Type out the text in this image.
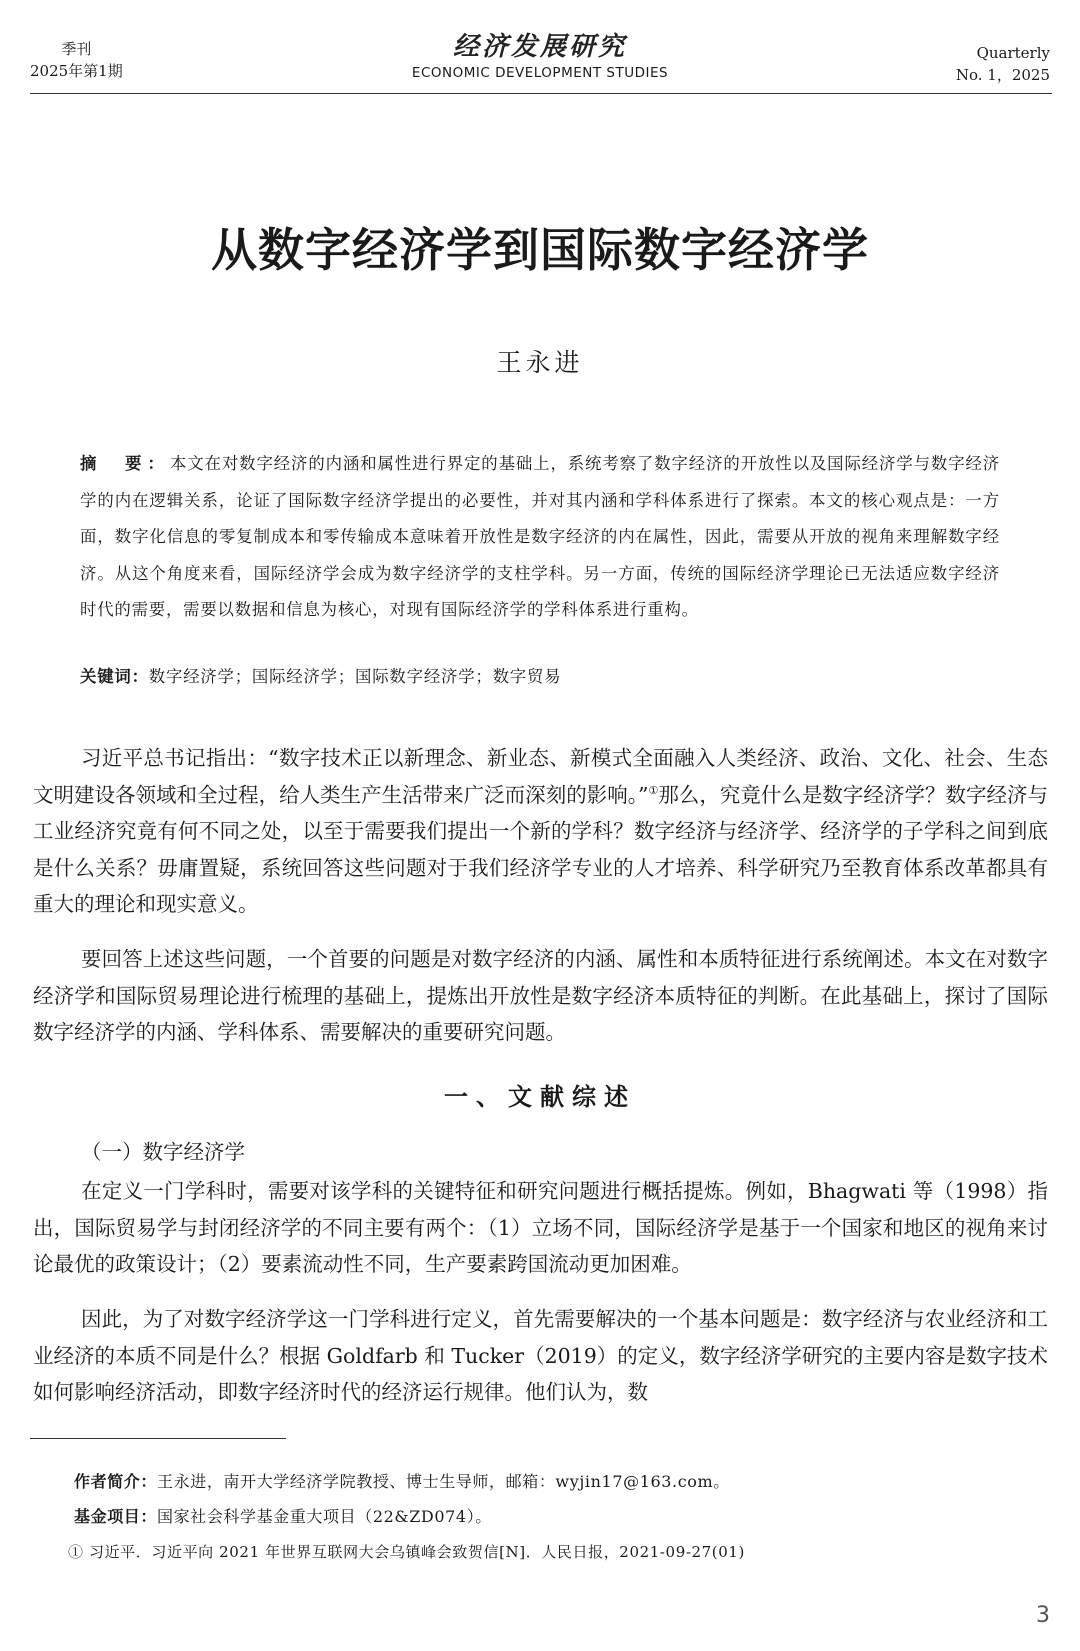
季刊
2025年第1期
经济发展研究
ECONOMIC DEVELOPMENT STUDIES
Quarterly
No. 1，2025
从数字经济学到国际数字经济学
王永进
摘　要：本文在对数字经济的内涵和属性进行界定的基础上，系统考察了数字经济的开放性以及国际经济学与数字经济学的内在逻辑关系，论证了国际数字经济学提出的必要性，并对其内涵和学科体系进行了探索。本文的核心观点是：一方面，数字化信息的零复制成本和零传输成本意味着开放性是数字经济的内在属性，因此，需要从开放的视角来理解数字经济。从这个角度来看，国际经济学会成为数字经济学的支柱学科。另一方面，传统的国际经济学理论已无法适应数字经济时代的需要，需要以数据和信息为核心，对现有国际经济学的学科体系进行重构。
关键词：数字经济学；国际经济学；国际数字经济学；数字贸易
习近平总书记指出：“数字技术正以新理念、新业态、新模式全面融入人类经济、政治、文化、社会、生态文明建设各领域和全过程，给人类生产生活带来广泛而深刻的影响。”①那么，究竟什么是数字经济学？数字经济与工业经济究竟有何不同之处，以至于需要我们提出一个新的学科？数字经济与经济学、经济学的子学科之间到底是什么关系？毋庸置疑，系统回答这些问题对于我们经济学专业的人才培养、科学研究乃至教育体系改革都具有重大的理论和现实意义。
要回答上述这些问题，一个首要的问题是对数字经济的内涵、属性和本质特征进行系统阐述。本文在对数字经济学和国际贸易理论进行梳理的基础上，提炼出开放性是数字经济本质特征的判断。在此基础上，探讨了国际数字经济学的内涵、学科体系、需要解决的重要研究问题。
一、文献综述
（一）数字经济学
在定义一门学科时，需要对该学科的关键特征和研究问题进行概括提炼。例如，Bhagwati 等（1998）指出，国际贸易学与封闭经济学的不同主要有两个：（1）立场不同，国际经济学是基于一个国家和地区的视角来讨论最优的政策设计；（2）要素流动性不同，生产要素跨国流动更加困难。
因此，为了对数字经济学这一门学科进行定义，首先需要解决的一个基本问题是：数字经济与农业经济和工业经济的本质不同是什么？根据 Goldfarb 和 Tucker（2019）的定义，数字经济学研究的主要内容是数字技术如何影响经济活动，即数字经济时代的经济运行规律。他们认为，数
作者简介：王永进，南开大学经济学院教授、博士生导师，邮箱：wyjin17@163.com。
基金项目：国家社会科学基金重大项目（22&ZD074）。
① 习近平．习近平向 2021 年世界互联网大会乌镇峰会致贺信[N]．人民日报，2021-09-27(01)
3
